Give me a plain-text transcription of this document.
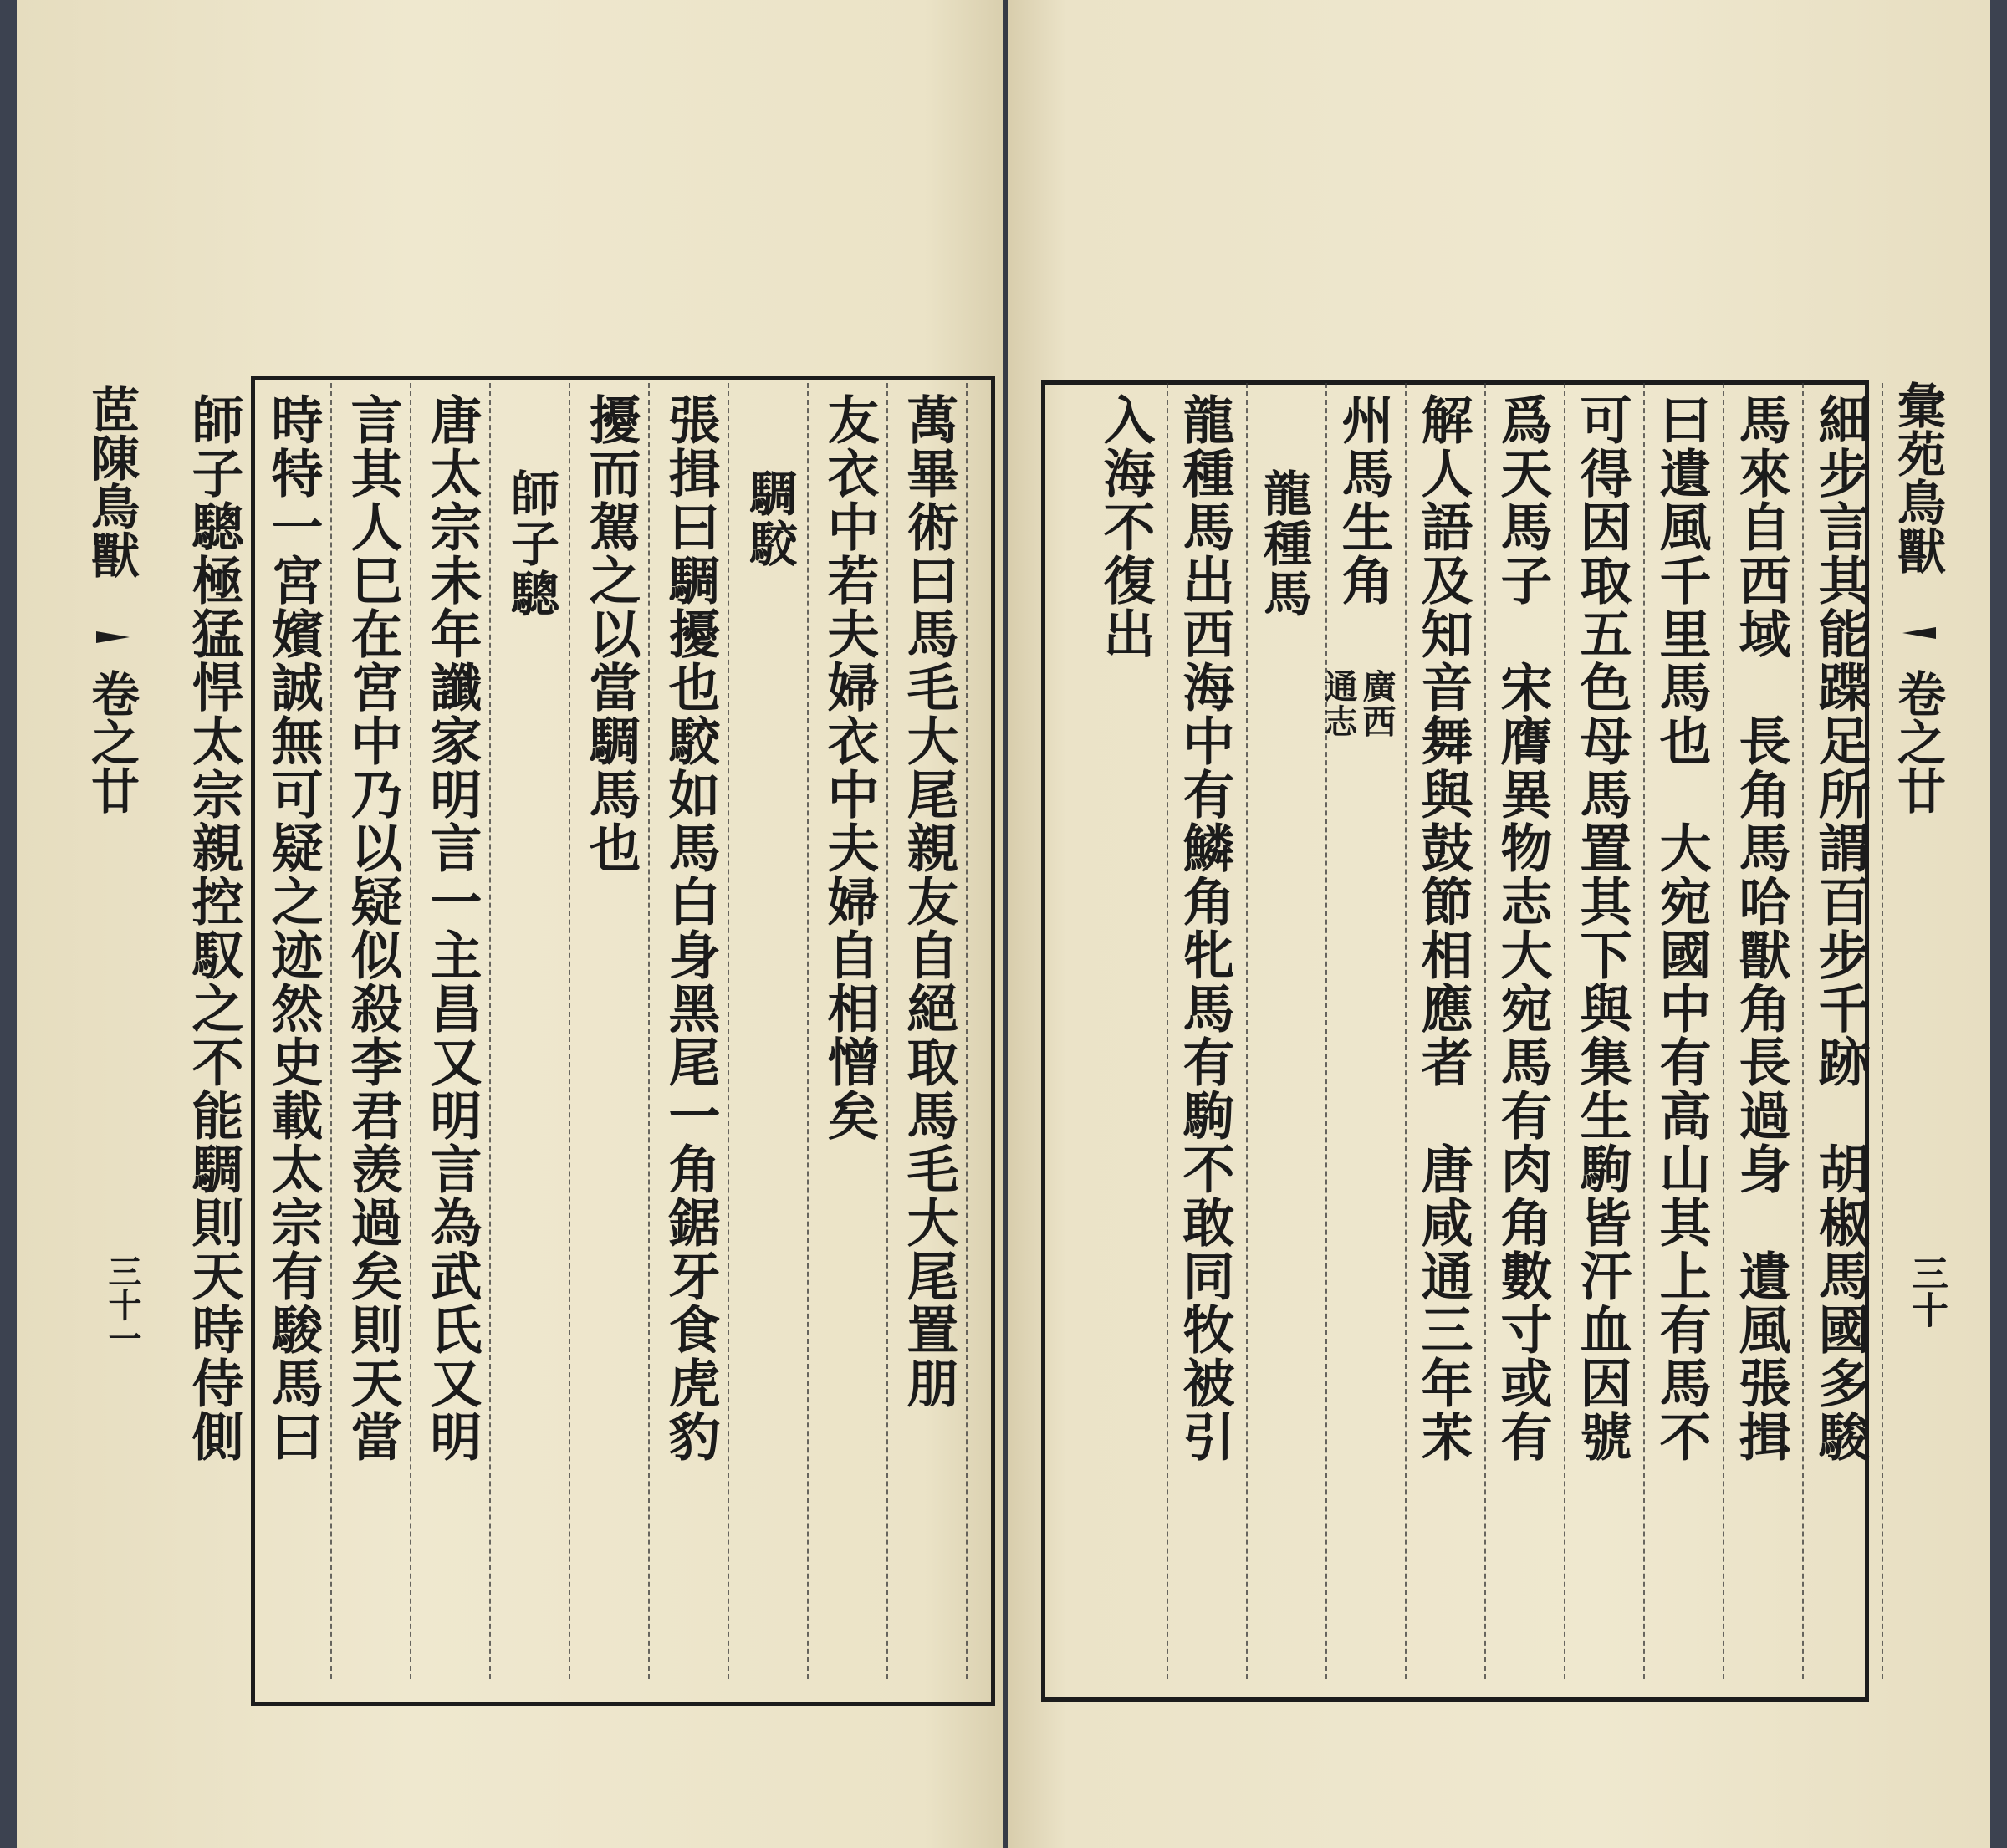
萬畢術曰馬毛大尾親友自絕取馬毛大尾置朋
友衣中若夫婦衣中夫婦自相憎矣
騆駮
張揖曰騆擾也駮如馬白身黑尾一角鋸牙食虎豹
擾而駕之以當騆馬也
師子驄
唐太宗未年讖家明言一主昌又明言為武氏又明
言其人巳在宮中乃以疑似殺李君羡過矣則天當
時特一宮嬪誠無可疑之迹然史載太宗有駿馬曰
師子驄極猛悍太宗親控馭之不能騆則天時侍側
茝陳鳥獸
卷之廿
三十一
彙苑鳥獸
卷之廿
三十
細步言其能蹀足所謂百步千跡　胡椒馬國多駿
馬來自西域　長角馬哈獸角長過身　遺風張揖
曰遺風千里馬也　大宛國中有高山其上有馬不
可得因取五色母馬置其下與集生駒皆汗血因號
爲天馬子　宋膺異物志大宛馬有肉角數寸或有
解人語及知音舞與鼓節相應者　唐咸通三年㭉
州馬生角
廣西
通志
龍種馬
龍種馬出西海中有鱗角牝馬有駒不敢同牧被引
入海不復出
